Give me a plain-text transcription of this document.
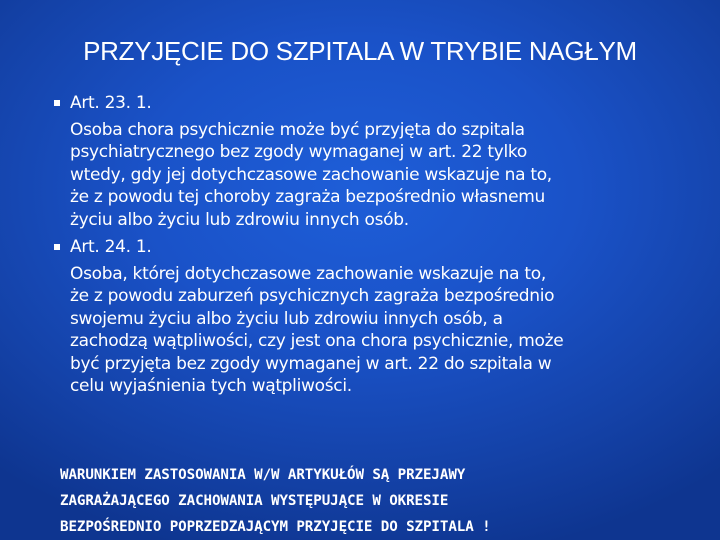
PRZYJĘCIE DO SZPITALA W TRYBIE NAGŁYM
Art. 23. 1.
Osoba chora psychicznie może być przyjęta do szpitala
psychiatrycznego bez zgody wymaganej w art. 22 tylko
wtedy, gdy jej dotychczasowe zachowanie wskazuje na to,
że z powodu tej choroby zagraża bezpośrednio własnemu
życiu albo życiu lub zdrowiu innych osób.
Art. 24. 1.
Osoba, której dotychczasowe zachowanie wskazuje na to,
że z powodu zaburzeń psychicznych zagraża bezpośrednio
swojemu życiu albo życiu lub zdrowiu innych osób, a
zachodzą wątpliwości, czy jest ona chora psychicznie, może
być przyjęta bez zgody wymaganej w art. 22 do szpitala w
celu wyjaśnienia tych wątpliwości.
WARUNKIEM ZASTOSOWANIA W/W ARTYKUŁÓW SĄ PRZEJAWY
ZAGRAŻAJĄCEGO ZACHOWANIA WYSTĘPUJĄCE W OKRESIE
BEZPOŚREDNIO POPRZEDZAJĄCYM PRZYJĘCIE DO SZPITALA !
